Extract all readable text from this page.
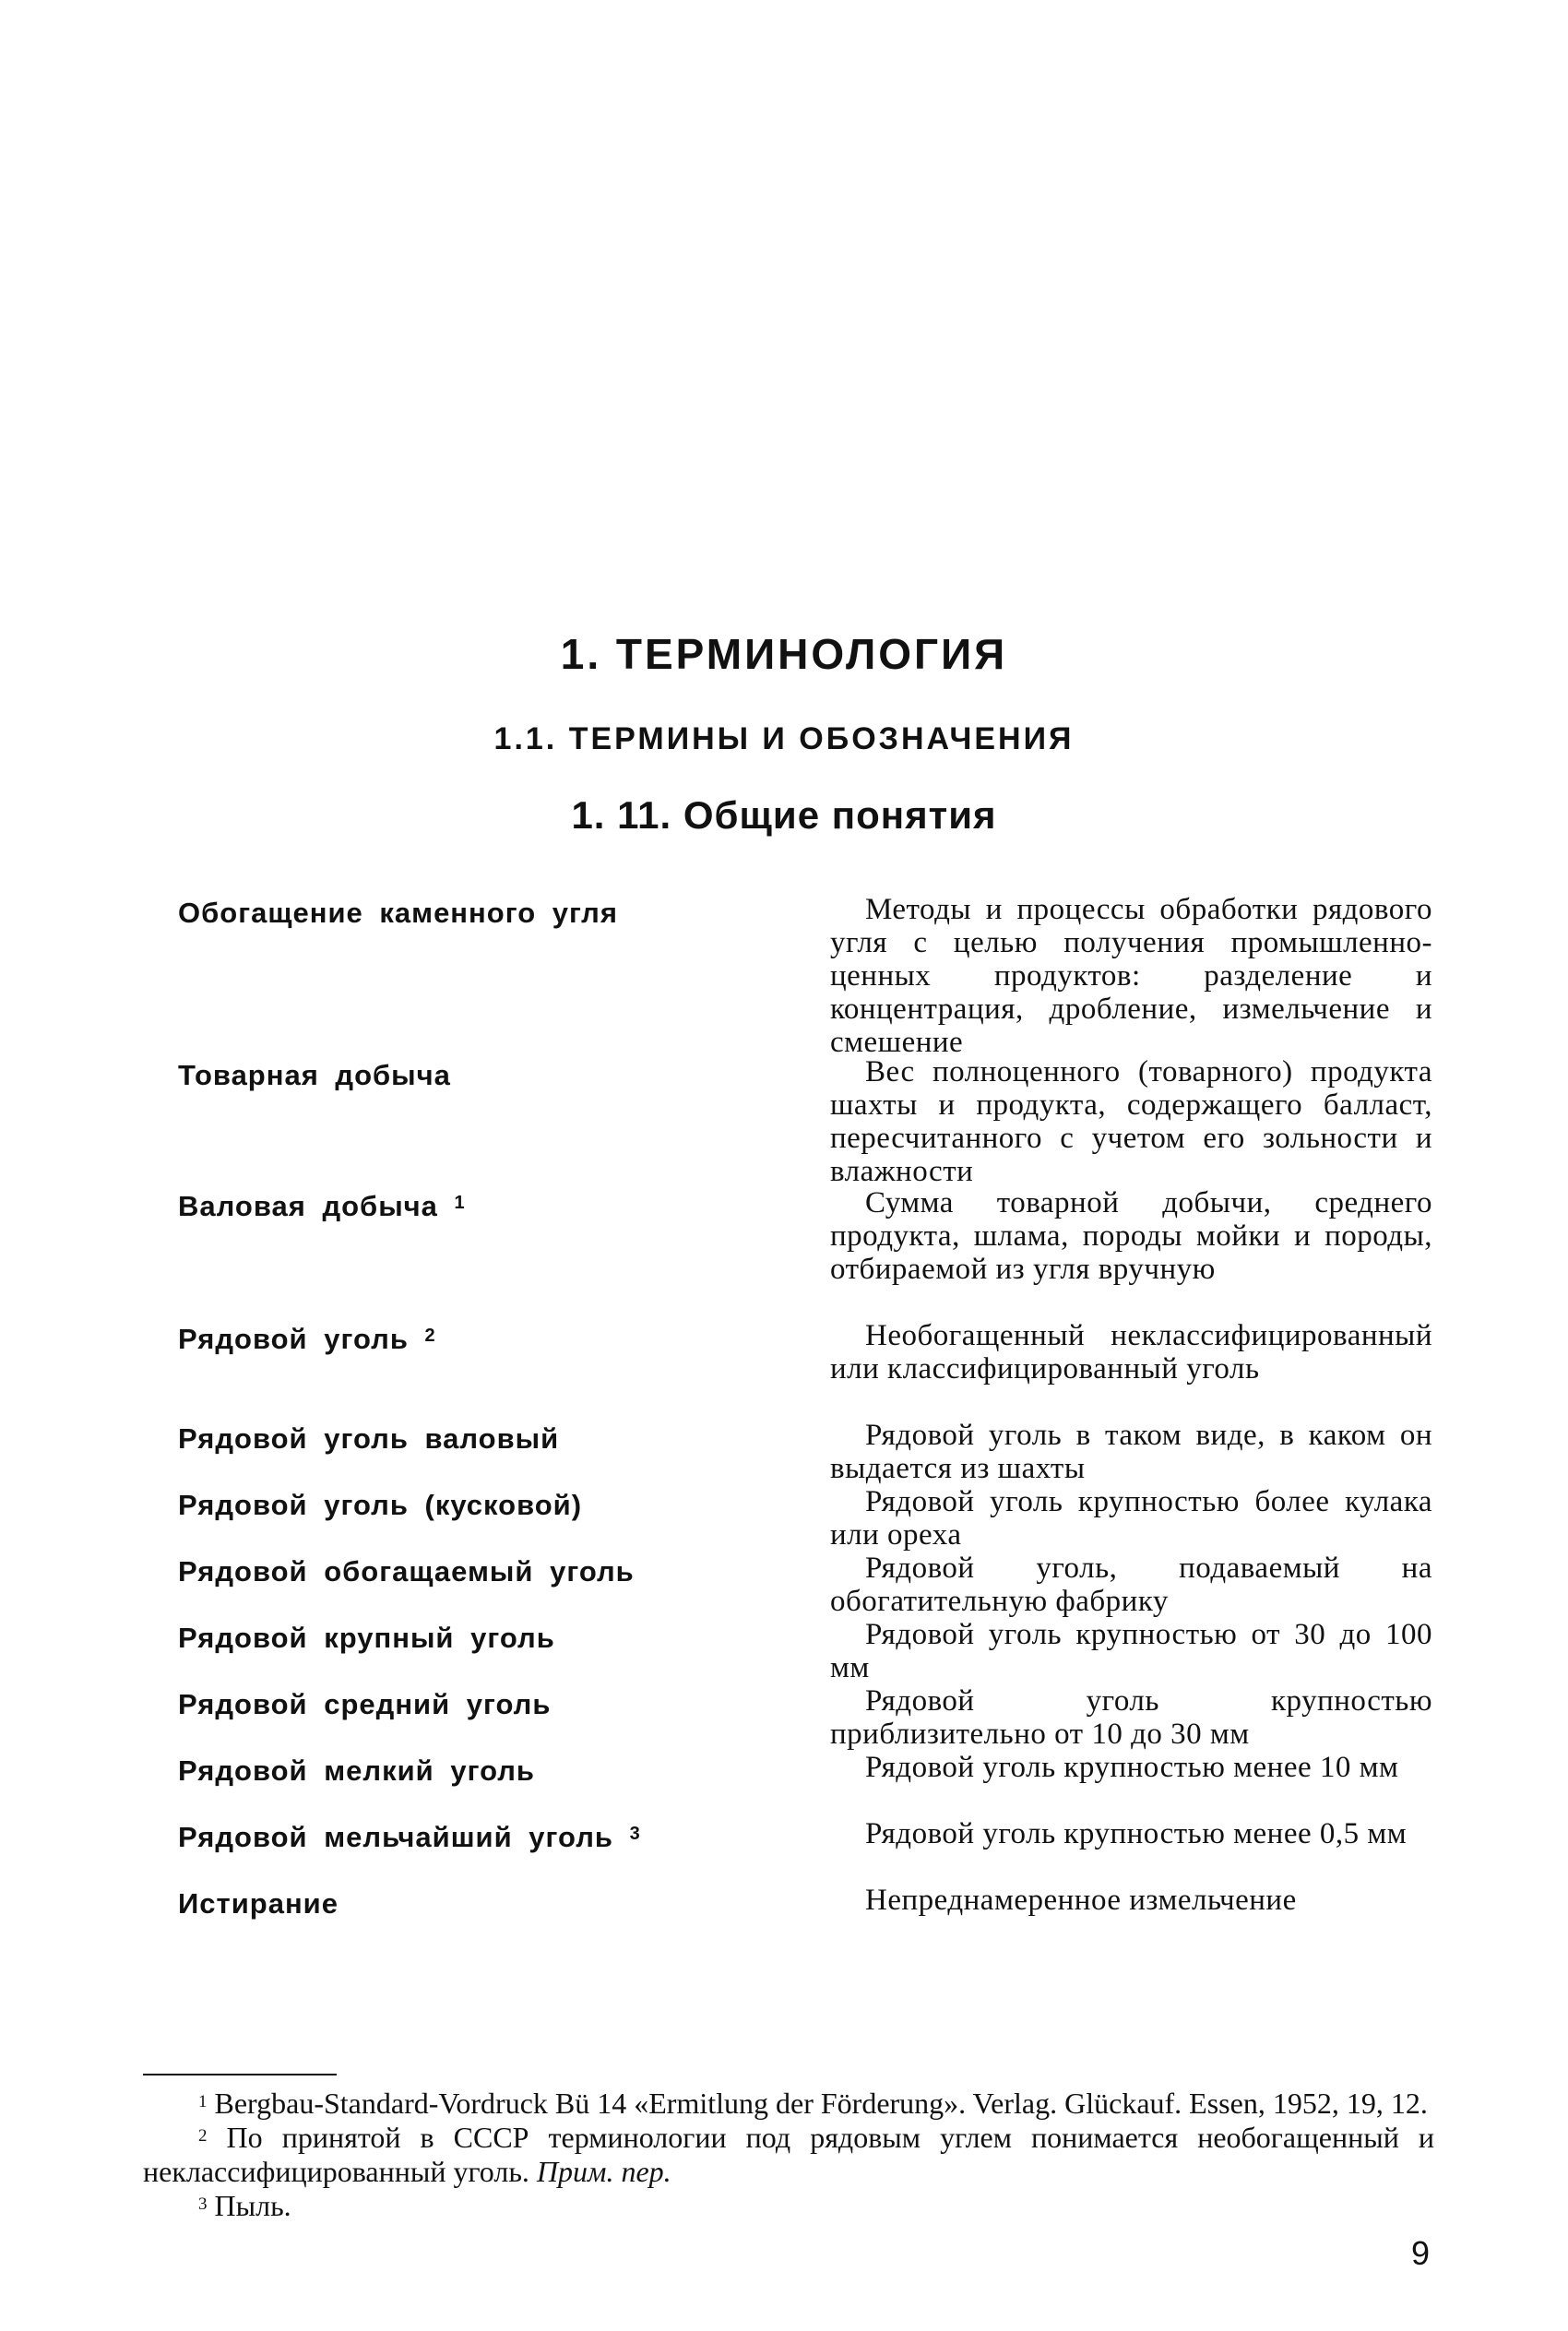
1. ТЕРМИНОЛОГИЯ
1.1. ТЕРМИНЫ И ОБОЗНАЧЕНИЯ
1. 11. Общие понятия
Обогащение каменного угля	Методы и процессы обработки рядового угля с целью получения промышленно-ценных продуктов: разделение и концентрация, дробление, измельчение и смешение
Товарная добыча	Вес полноценного (товарного) продукта шахты и продукта, содержащего балласт, пересчитанного с учетом его зольности и влажности
Валовая добыча $^1$	Сумма товарной добычи, среднего продукта, шлама, породы мойки и породы, отбираемой из угля вручную
Рядовой уголь $^2$	Необогащенный неклассифицированный или классифицированный уголь
Рядовой уголь валовый	Рядовой уголь в таком виде, в каком он выдается из шахты
Рядовой уголь (кусковой)	Рядовой уголь крупностью более кулака или ореха
Рядовой обогащаемый уголь	Рядовой уголь, подаваемый на обогатительную фабрику
Рядовой крупный уголь	Рядовой уголь крупностью от 30 до 100 мм
Рядовой средний уголь	Рядовой уголь крупностью приблизительно от 10 до 30 мм
Рядовой мелкий уголь	Рядовой уголь крупностью менее 10 мм
Рядовой мельчайший уголь $^3$	Рядовой уголь крупностью менее 0,5 мм
Истирание	Непреднамеренное измельчение

$^1$ Bergbau-Standard-Vordruck Bü 14 «Ermitlung der Förderung». Verlag. Glückauf. Essen, 1952, 19, 12.

$^2$ По принятой в СССР терминологии под рядовым углем понимается необогащенный и неклассифицированный уголь. Прим. пер.

$^3$ Пыль.

9
